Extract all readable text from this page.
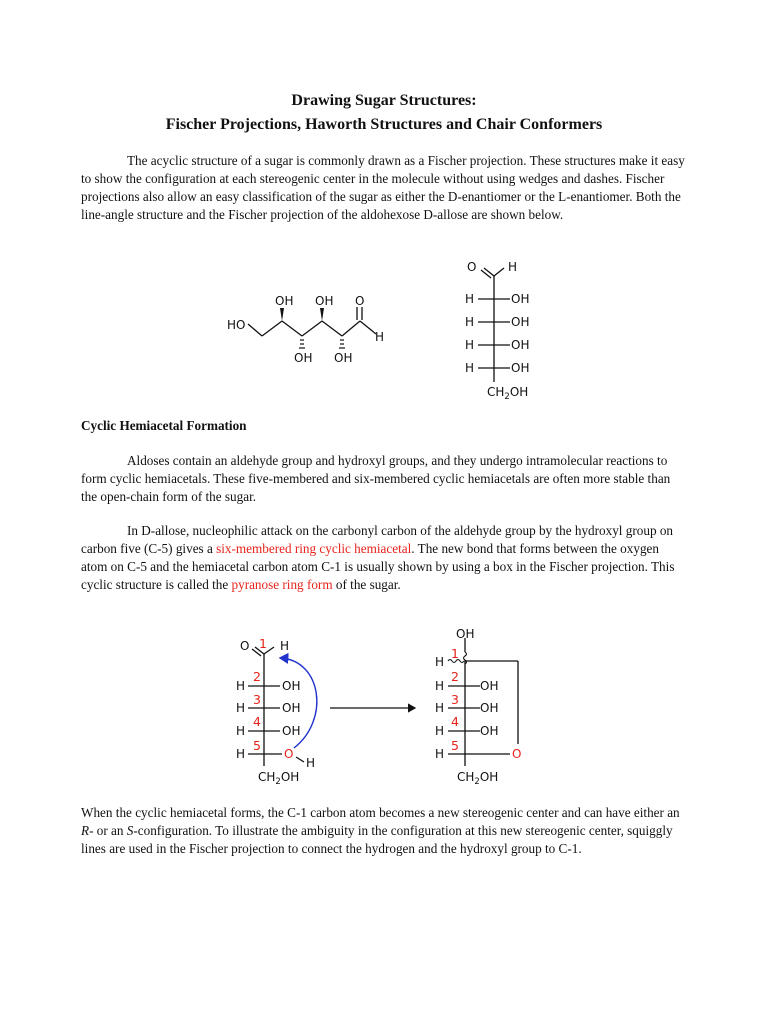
Drawing Sugar Structures:
Fischer Projections, Haworth Structures and Chair Conformers

The acyclic structure of a sugar is commonly drawn as a Fischer projection. These structures make it easy to show the configuration at each stereogenic center in the molecule without using wedges and dashes. Fischer projections also allow an easy classification of the sugar as either the D-enantiomer or the L-enantiomer. Both the line-angle structure and the Fischer projection of the aldohexose D-allose are shown below.

Cyclic Hemiacetal Formation

Aldoses contain an aldehyde group and hydroxyl groups, and they undergo intramolecular reactions to form cyclic hemiacetals. These five-membered and six-membered cyclic hemiacetals are often more stable than the open-chain form of the sugar.

In D-allose, nucleophilic attack on the carbonyl carbon of the aldehyde group by the hydroxyl group on carbon five (C-5) gives a six-membered ring cyclic hemiacetal. The new bond that forms between the oxygen atom on C-5 and the hemiacetal carbon atom C-1 is usually shown by using a box in the Fischer projection. This cyclic structure is called the pyranose ring form of the sugar.

When the cyclic hemiacetal forms, the C-1 carbon atom becomes a new stereogenic center and can have either an R- or an S-configuration. To illustrate the ambiguity in the configuration at this new stereogenic center, squiggly lines are used in the Fischer projection to connect the hydrogen and the hydroxyl group to C-1.

OH OH O
HO
H
OH OH
O	H
H
H
H
H
OH
OH
OH
OH
$CH_2OH$
O	H
1
2
3
4
5
H
H
H
H
OH
OH
OH
O
H
$CH_2OH$
OH
1
2
3
4
5
H
H
H
H
H
OH
OH
OH
O
$CH_2OH$
